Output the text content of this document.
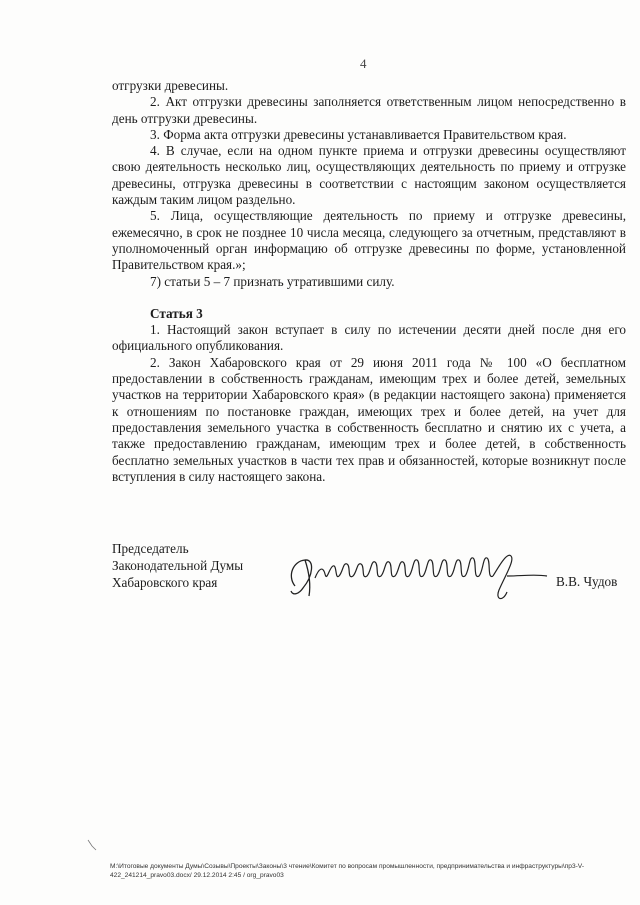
4

отгрузки древесины.

2. Акт отгрузки древесины заполняется ответственным лицом непосредственно в день отгрузки древесины.

3. Форма акта отгрузки древесины устанавливается Правительством края.

4. В случае, если на одном пункте приема и отгрузки древесины осуществляют свою деятельность несколько лиц, осуществляющих деятельность по приему и отгрузке древесины, отгрузка древесины в соответствии с настоящим законом осуществляется каждым таким лицом раздельно.

5. Лица, осуществляющие деятельность по приему и отгрузке древесины, ежемесячно, в срок не позднее 10 числа месяца, следующего за отчетным, представляют в уполномоченный орган информацию об отгрузке древесины по форме, установленной Правительством края.»;

7) статьи 5 – 7 признать утратившими силу.

Статья 3

1. Настоящий закон вступает в силу по истечении десяти дней после дня его официального опубликования.

2. Закон Хабаровского края от 29 июня 2011 года № 100 «О бесплатном предоставлении в собственность гражданам, имеющим трех и более детей, земельных участков на территории Хабаровского края» (в редакции настоящего закона) применяется к отношениям по постановке граждан, имеющих трех и более детей, на учет для предоставления земельного участка в собственность бесплатно и снятию их с учета, а также предоставлению гражданам, имеющим трех и более детей, в собственность бесплатно земельных участков в части тех прав и обязанностей, которые возникнут после вступления в силу настоящего закона.

Председатель
Законодательной Думы
Хабаровского края	В.В. Чудов
M:\Итоговые документы Думы\Созывы\Проекты\Законы\3 чтение\Комитет по вопросам промышленности, предпринимательства и инфраструктуры\пр3-V-
422_241214_pravo03.docx/ 29.12.2014 2:45 / org_pravo03
